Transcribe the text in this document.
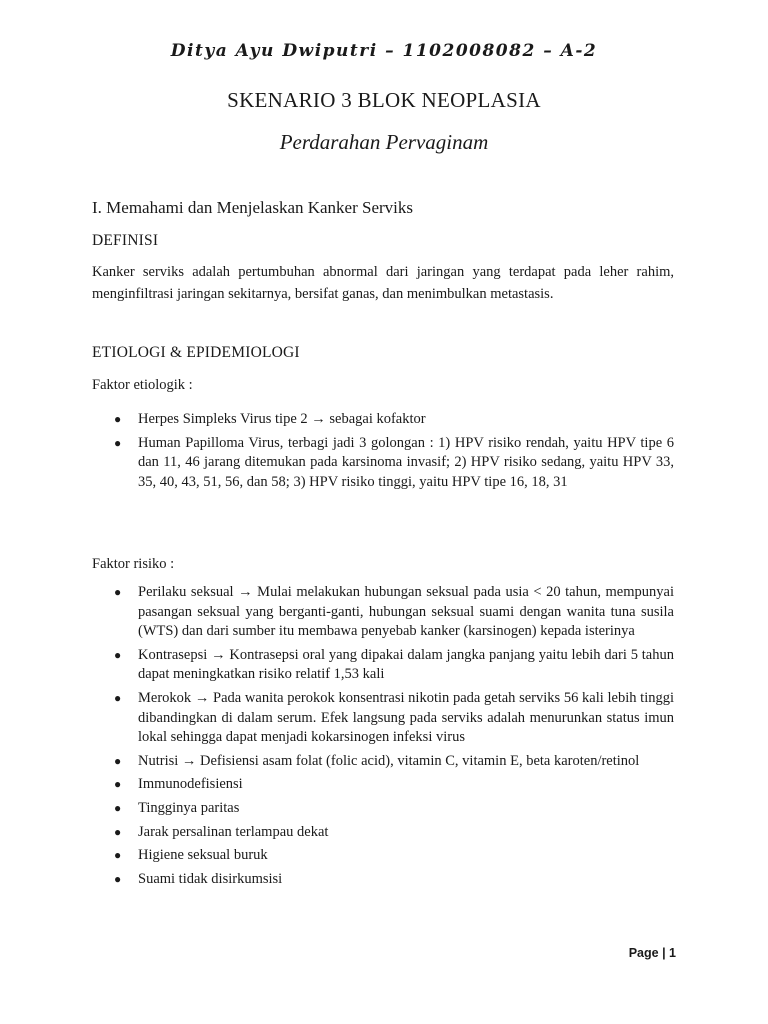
Ditya Ayu Dwiputri – 1102008082 – A-2
SKENARIO 3 BLOK NEOPLASIA
Perdarahan Pervaginam
I. Memahami dan Menjelaskan Kanker Serviks
DEFINISI
Kanker serviks adalah pertumbuhan abnormal dari jaringan yang terdapat pada leher rahim, menginfiltrasi jaringan sekitarnya, bersifat ganas, dan menimbulkan metastasis.
ETIOLOGI & EPIDEMIOLOGI
Faktor etiologik :
●	Herpes Simpleks Virus tipe 2 → sebagai kofaktor
●	Human Papilloma Virus, terbagi jadi 3 golongan : 1) HPV risiko rendah, yaitu HPV tipe 6 dan 11, 46 jarang ditemukan pada karsinoma invasif; 2) HPV risiko sedang, yaitu HPV 33, 35, 40, 43, 51, 56, dan 58; 3) HPV risiko tinggi, yaitu HPV tipe 16, 18, 31
Faktor risiko :
●	Perilaku seksual → Mulai melakukan hubungan seksual pada usia < 20 tahun, mempunyai pasangan seksual yang berganti-ganti, hubungan seksual suami dengan wanita tuna susila (WTS) dan dari sumber itu membawa penyebab kanker (karsinogen) kepada isterinya
●	Kontrasepsi → Kontrasepsi oral yang dipakai dalam jangka panjang yaitu lebih dari 5 tahun dapat meningkatkan risiko relatif 1,53 kali
●	Merokok → Pada wanita perokok konsentrasi nikotin pada getah serviks 56 kali lebih tinggi dibandingkan di dalam serum. Efek langsung pada serviks adalah menurunkan status imun lokal sehingga dapat menjadi kokarsinogen infeksi virus
●	Nutrisi → Defisiensi asam folat (folic acid), vitamin C, vitamin E, beta karoten/retinol
●	Immunodefisiensi
●	Tingginya paritas
●	Jarak persalinan terlampau dekat
●	Higiene seksual buruk
●	Suami tidak disirkumsisi
Page | 1
